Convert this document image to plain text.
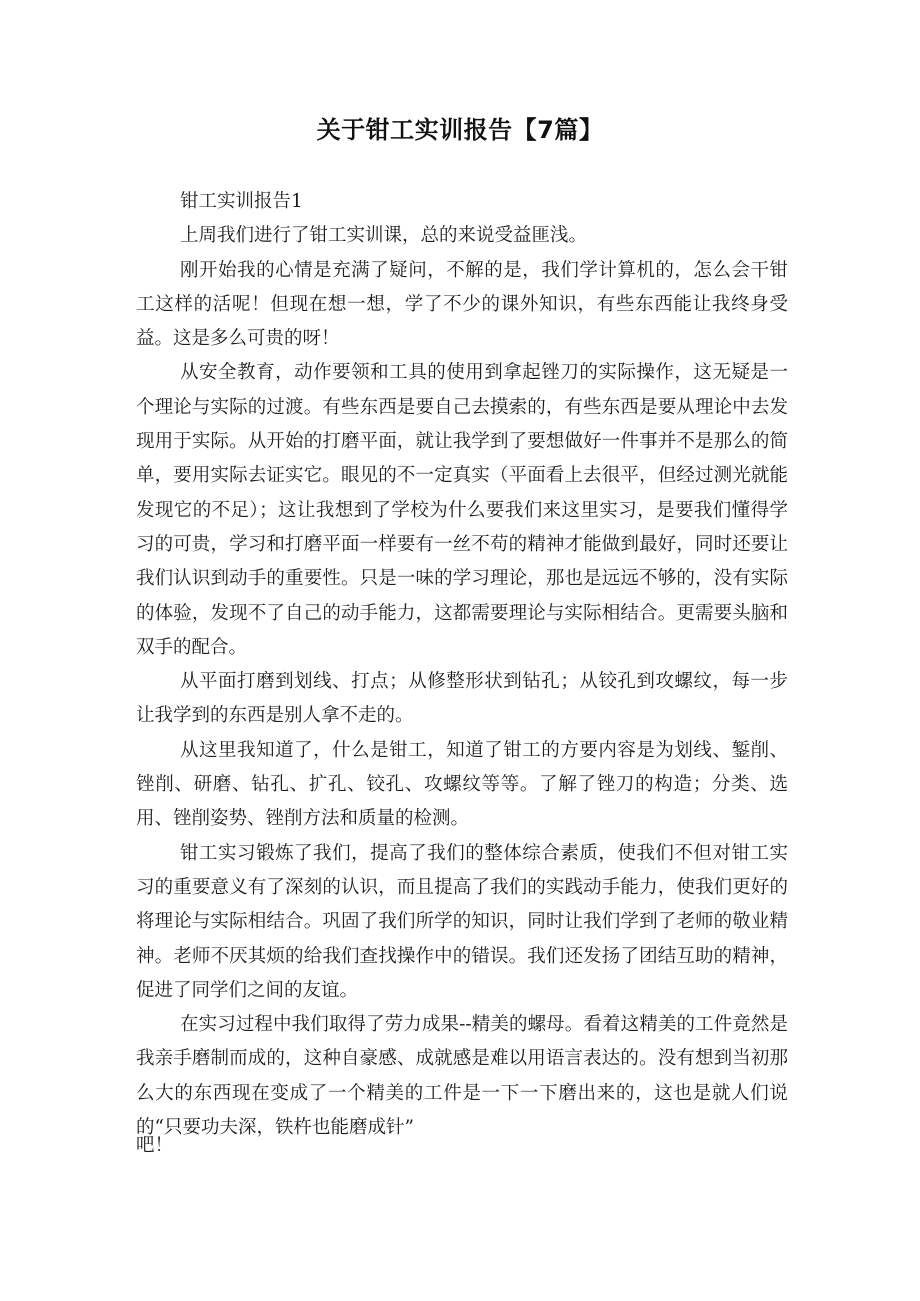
关于钳工实训报告【7篇】

钳工实训报告1

上周我们进行了钳工实训课，总的来说受益匪浅。

刚开始我的心情是充满了疑问，不解的是，我们学计算机的，怎么会干钳工这样的活呢！但现在想一想，学了不少的课外知识，有些东西能让我终身受益。这是多么可贵的呀！

从安全教育，动作要领和工具的使用到拿起锉刀的实际操作，这无疑是一个理论与实际的过渡。有些东西是要自己去摸索的，有些东西是要从理论中去发现用于实际。从开始的打磨平面，就让我学到了要想做好一件事并不是那么的简单，要用实际去证实它。眼见的不一定真实（平面看上去很平，但经过测光就能发现它的不足）；这让我想到了学校为什么要我们来这里实习，是要我们懂得学习的可贵，学习和打磨平面一样要有一丝不苟的精神才能做到最好，同时还要让我们认识到动手的重要性。只是一味的学习理论，那也是远远不够的，没有实际的体验，发现不了自己的动手能力，这都需要理论与实际相结合。更需要头脑和双手的配合。

从平面打磨到划线、打点；从修整形状到钻孔；从铰孔到攻螺纹，每一步让我学到的东西是别人拿不走的。

从这里我知道了，什么是钳工，知道了钳工的方要内容是为划线、錾削、锉削、研磨、钻孔、扩孔、铰孔、攻螺纹等等。了解了锉刀的构造；分类、选用、锉削姿势、锉削方法和质量的检测。

钳工实习锻炼了我们，提高了我们的整体综合素质，使我们不但对钳工实习的重要意义有了深刻的认识，而且提高了我们的实践动手能力，使我们更好的将理论与实际相结合。巩固了我们所学的知识，同时让我们学到了老师的敬业精神。老师不厌其烦的给我们查找操作中的错误。我们还发扬了团结互助的精神，促进了同学们之间的友谊。

在实习过程中我们取得了劳力成果--精美的螺母。看着这精美的工件竟然是我亲手磨制而成的，这种自豪感、成就感是难以用语言表达的。没有想到当初那么大的东西现在变成了一个精美的工件是一下一下磨出来的，这也是就人们说的“只要功夫深，铁杵也能磨成针”

吧！
